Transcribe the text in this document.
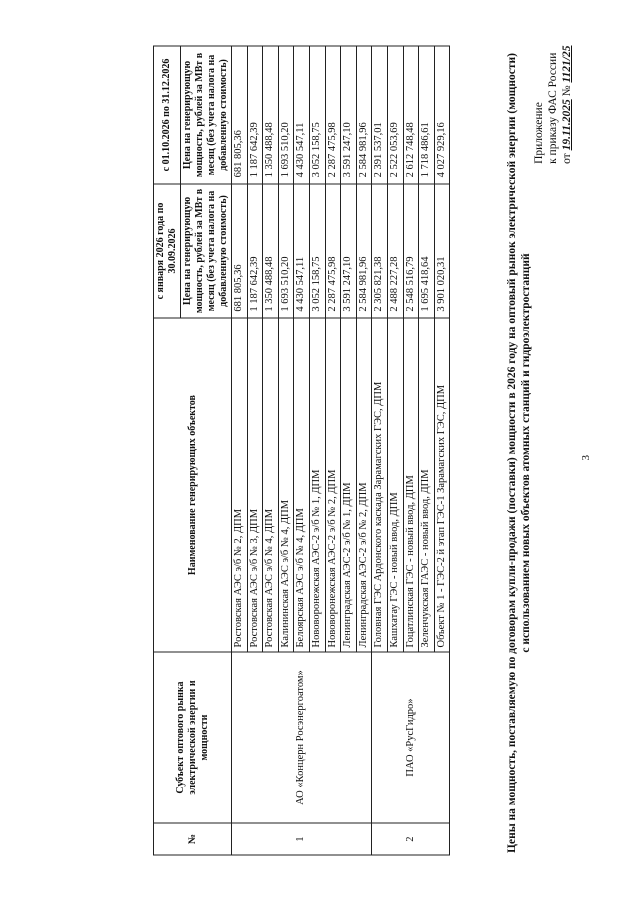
3
Приложение к приказу ФАС России от 19.11.2025 № 1121/25
Цены на мощность, поставляемую по договорам купли-продажи (поставки) мощности в 2026 году на оптовый рынок электрической энергии (мощности) с использованием новых объектов атомных станций и гидроэлектростанций
№	Субъект оптового рынка электрической энергии и мощности	Наименование генерирующих объектов	с января 2026 года по 30.09.2026	с 01.10.2026 по 31.12.2026
			Цена на генерирующую мощность, рублей за МВт в месяц (без учета налога на добавленную стоимость)	Цена на генерирующую мощность, рублей за МВт в месяц (без учета налога на добавленную стоимость)
1	АО «Концерн Росэнергоатом»	Ростовская АЭС э/б № 2, ДПМ	681 805,36	681 805,36
		Ростовская АЭС э/б № 3, ДПМ	1 187 642,39	1 187 642,39
		Ростовская АЭС э/б № 4, ДПМ	1 350 488,48	1 350 488,48
		Калининская АЭС э/б № 4, ДПМ	1 693 510,20	1 693 510,20
		Белоярская АЭС э/б № 4, ДПМ	4 430 547,11	4 430 547,11
		Нововоронежская АЭС-2 э/б № 1, ДПМ	3 052 158,75	3 052 158,75
		Нововоронежская АЭС-2 э/б № 2, ДПМ	2 287 475,98	2 287 475,98
		Ленинградская АЭС-2 э/б № 1, ДПМ	3 591 247,10	3 591 247,10
		Ленинградская АЭС-2 э/б № 2, ДПМ	2 584 981,96	2 584 981,96
2	ПАО «РусГидро»	Головная ГЭС Ардонского каскада Зарамагских ГЭС, ДПМ	2 305 821,38	2 391 537,01
		Кашхатау ГЭС - новый ввод, ДПМ	2 488 227,28	2 522 053,69
		Гоцатлинская ГЭС - новый ввод, ДПМ	2 548 516,79	2 612 748,48
		Зеленчукская ГАЭС - новый ввод, ДПМ	1 695 418,64	1 718 486,61
		Объект № 1 - ГЭС-2 й этап ГЭС-1 Зарамагских ГЭС, ДПМ	3 901 020,31	4 027 929,16
